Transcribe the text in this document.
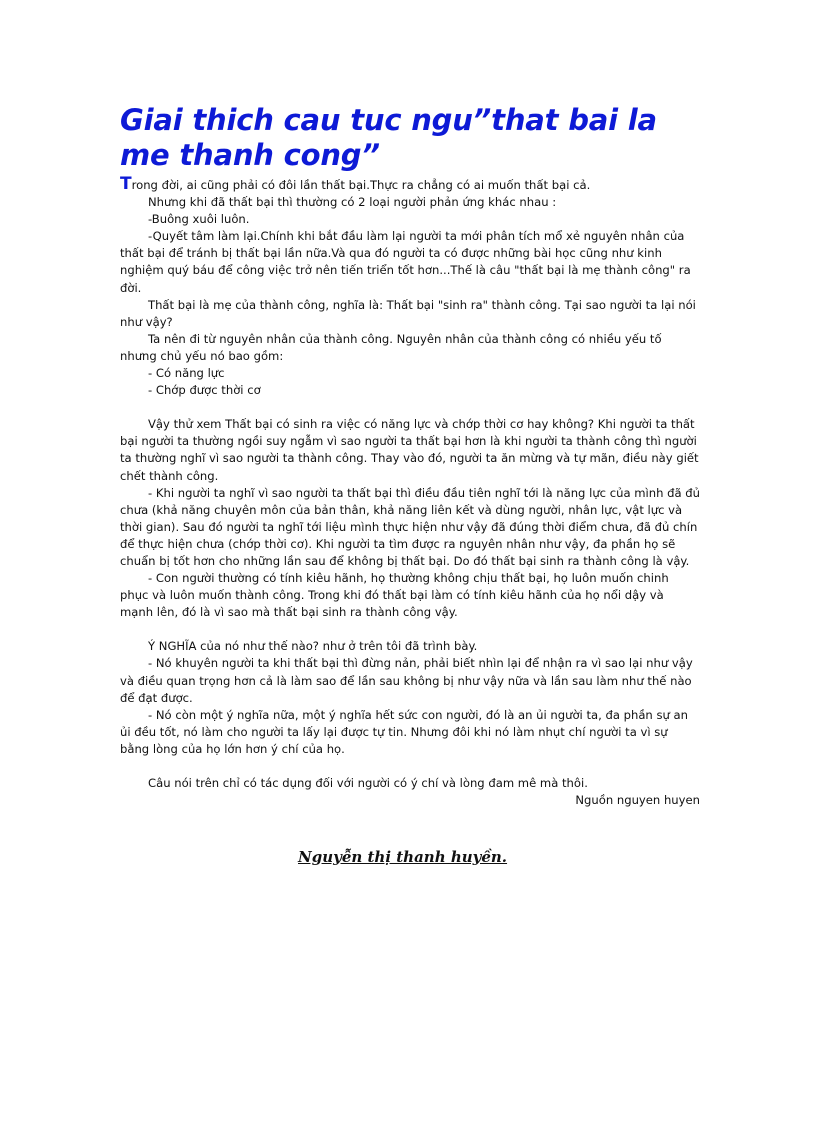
Giai thich cau tuc ngu”that bai la me thanh cong”

Trong đời, ai cũng phải có đôi lần thất bại.Thực ra chẳng có ai muốn thất bại cả.

Nhưng khi đã thất bại thì thường có 2 loại người phản ứng khác nhau :

-Buông xuôi luôn.

-Quyết tâm làm lại.Chính khi bắt đầu làm lại người ta mới phân tích mổ xẻ nguyên nhân của thất bại để tránh bị thất bại lần nữa.Và qua đó người ta có được những bài học cũng như kinh nghiệm quý báu để công việc trở nên tiến triển tốt hơn...Thế là câu "thất bại là mẹ thành công" ra đời.

Thất bại là mẹ của thành công, nghĩa là: Thất bại "sinh ra" thành công. Tại sao người ta lại nói như vậy?

Ta nên đi từ nguyên nhân của thành công. Nguyên nhân của thành công có nhiều yếu tố nhưng chủ yếu nó bao gồm:

- Có năng lực

- Chớp được thời cơ

Vậy thử xem Thất bại có sinh ra việc có năng lực và chớp thời cơ hay không? Khi người ta thất bại người ta thường ngồi suy ngẫm vì sao người ta thất bại hơn là khi người ta thành công thì người ta thường nghĩ vì sao người ta thành công. Thay vào đó, người ta ăn mừng và tự mãn, điều này giết chết thành công.

- Khi người ta nghĩ vì sao người ta thất bại thì điều đầu tiên nghĩ tới là năng lực của mình đã đủ chưa (khả năng chuyên môn của bản thân, khả năng liên kết và dùng người, nhân lực, vật lực và thời gian). Sau đó người ta nghĩ tới liệu mình thực hiện như vậy đã đúng thời điểm chưa, đã đủ chín để thực hiện chưa (chớp thời cơ). Khi người ta tìm được ra nguyên nhân như vậy, đa phần họ sẽ chuẩn bị tốt hơn cho những lần sau để không bị thất bại. Do đó thất bại sinh ra thành công là vậy.

- Con người thường có tính kiêu hãnh, họ thường không chịu thất bại, họ luôn muốn chinh phục và luôn muốn thành công. Trong khi đó thất bại làm có tính kiêu hãnh của họ nổi dậy và mạnh lên, đó là vì sao mà thất bại sinh ra thành công vậy.

Ý NGHĨA của nó như thế nào? như ở trên tôi đã trình bày.

- Nó khuyên người ta khi thất bại thì đừng nản, phải biết nhìn lại để nhận ra vì sao lại như vậy và điều quan trọng hơn cả là làm sao để lần sau không bị như vậy nữa và lần sau làm như thế nào để đạt được.

- Nó còn một ý nghĩa nữa, một ý nghĩa hết sức con người, đó là an ủi người ta, đa phần sự an ủi đều tốt, nó làm cho người ta lấy lại được tự tin. Nhưng đôi khi nó làm nhụt chí người ta vì sự bằng lòng của họ lớn hơn ý chí của họ.

Câu nói trên chỉ có tác dụng đối với người có ý chí và lòng đam mê mà thôi.

Nguồn nguyen huyen

Nguyễn thị thanh huyền.
